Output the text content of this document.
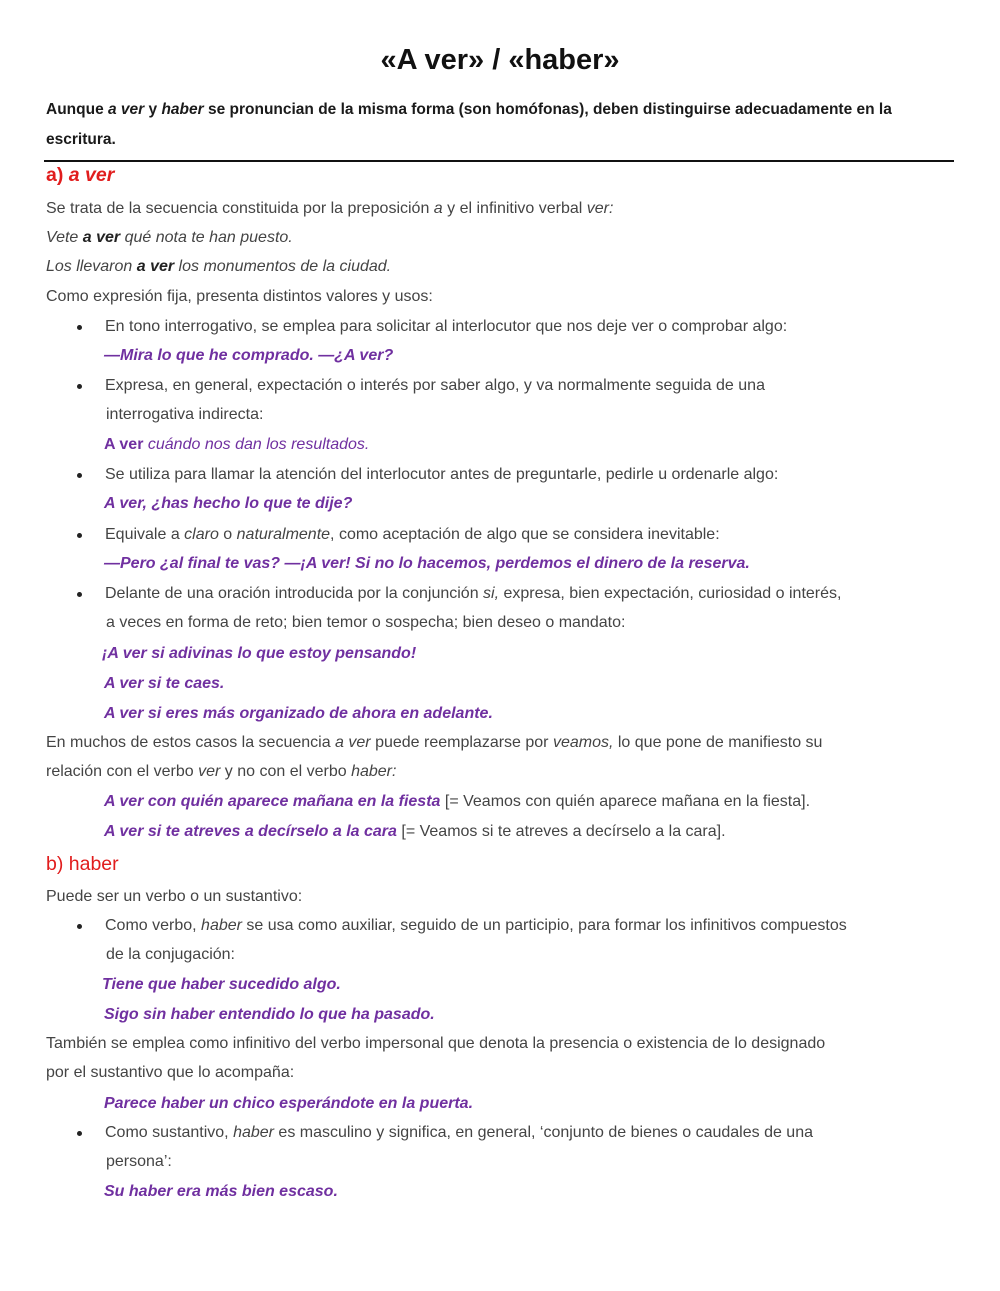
«A ver» / «haber»

Aunque a ver y haber se pronuncian de la misma forma (son homófonas), deben distinguirse adecuadamente en la escritura.

a) a ver
Se trata de la secuencia constituida por la preposición a y el infinitivo verbal ver:
Vete a ver qué nota te han puesto.
Los llevaron a ver los monumentos de la ciudad.
Como expresión fija, presenta distintos valores y usos:
En tono interrogativo, se emplea para solicitar al interlocutor que nos deje ver o comprobar algo:
—Mira lo que he comprado. —¿A ver?
Expresa, en general, expectación o interés por saber algo, y va normalmente seguida de una
interrogativa indirecta:
A ver cuándo nos dan los resultados.
Se utiliza para llamar la atención del interlocutor antes de preguntarle, pedirle u ordenarle algo:
A ver, ¿has hecho lo que te dije?
Equivale a claro o naturalmente, como aceptación de algo que se considera inevitable:
—Pero ¿al final te vas? —¡A ver! Si no lo hacemos, perdemos el dinero de la reserva.
Delante de una oración introducida por la conjunción si, expresa, bien expectación, curiosidad o interés,
a veces en forma de reto; bien temor o sospecha; bien deseo o mandato:
¡A ver si adivinas lo que estoy pensando!
A ver si te caes.
A ver si eres más organizado de ahora en adelante.
En muchos de estos casos la secuencia a ver puede reemplazarse por veamos, lo que pone de manifiesto su
relación con el verbo ver y no con el verbo haber:
A ver con quién aparece mañana en la fiesta [= Veamos con quién aparece mañana en la fiesta].
A ver si te atreves a decírselo a la cara [= Veamos si te atreves a decírselo a la cara].
b) haber
Puede ser un verbo o un sustantivo:
Como verbo, haber se usa como auxiliar, seguido de un participio, para formar los infinitivos compuestos
de la conjugación:
Tiene que haber sucedido algo.
Sigo sin haber entendido lo que ha pasado.
También se emplea como infinitivo del verbo impersonal que denota la presencia o existencia de lo designado
por el sustantivo que lo acompaña:
Parece haber un chico esperándote en la puerta.
Como sustantivo, haber es masculino y significa, en general, ‘conjunto de bienes o caudales de una
persona’:
Su haber era más bien escaso.
